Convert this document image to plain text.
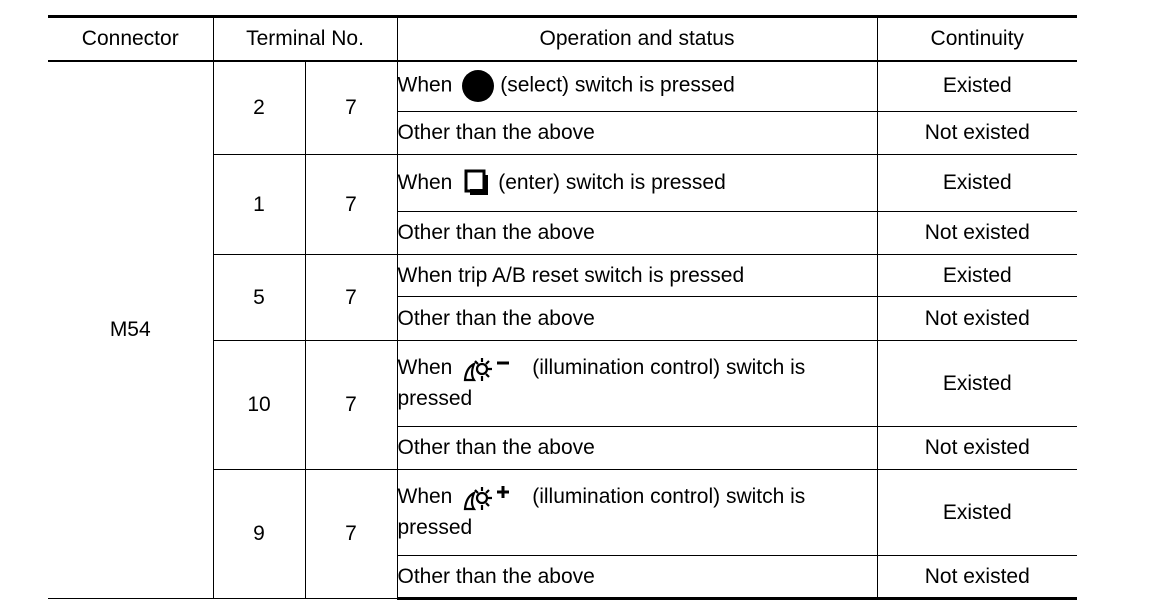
Connector	Terminal No.		Operation and status	Continuity
M54	2	7	When (select) switch is pressed	Existed
			Other than the above	Not existed
	1	7	When (enter) switch is pressed	Existed
			Other than the above	Not existed
	5	7	When trip A/B reset switch is pressed	Existed
			Other than the above	Not existed
	10	7	When (illumination control) switch is pressed	Existed
			Other than the above	Not existed
	9	7	When (illumination control) switch is pressed	Existed
			Other than the above	Not existed
